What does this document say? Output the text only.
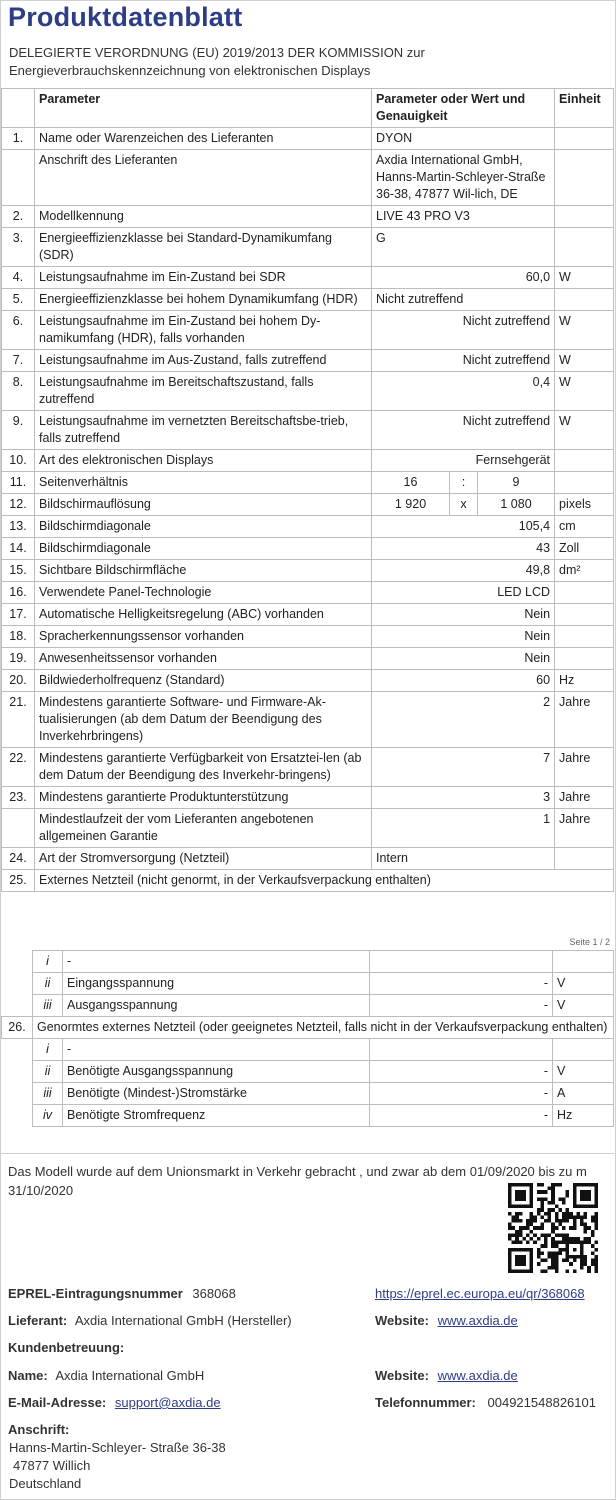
Produktdatenblatt
DELEGIERTE VERORDNUNG (EU) 2019/2013 DER KOMMISSION zur Energieverbrauchskennzeichnung von elektronischen Displays
	Parameter	Parameter oder Wert und Genauigkeit			Einheit
1.	Name oder Warenzeichen des Lieferanten	DYON			
	Anschrift des Lieferanten	Axdia International GmbH, Hanns-Martin-Schleyer-Straße 36-38, 47877 Wil-lich, DE			
2.	Modellkennung	LIVE 43 PRO V3			
3.	Energieeffizienzklasse bei Standard-Dynamikumfang (SDR)	G			
4.	Leistungsaufnahme im Ein-Zustand bei SDR	60,0			W
5.	Energieeffizienzklasse bei hohem Dynamikumfang (HDR)	Nicht zutreffend			
6.	Leistungsaufnahme im Ein-Zustand bei hohem Dy-namikumfang (HDR), falls vorhanden	Nicht zutreffend			W
7.	Leistungsaufnahme im Aus-Zustand, falls zutreffend	Nicht zutreffend			W
8.	Leistungsaufnahme im Bereitschaftszustand, falls zutreffend	0,4			W
9.	Leistungsaufnahme im vernetzten Bereitschaftsbe-trieb, falls zutreffend	Nicht zutreffend			W
10.	Art des elektronischen Displays	Fernsehgerät			
11.	Seitenverhältnis	16	:	9	
12.	Bildschirmauflösung	1 920	x	1 080	pixels
13.	Bildschirmdiagonale	105,4			cm
14.	Bildschirmdiagonale	43			Zoll
15.	Sichtbare Bildschirmfläche	49,8			dm²
16.	Verwendete Panel-Technologie	LED LCD			
17.	Automatische Helligkeitsregelung (ABC) vorhanden	Nein			
18.	Spracherkennungssensor vorhanden	Nein			
19.	Anwesenheitssensor vorhanden	Nein			
20.	Bildwiederholfrequenz (Standard)	60			Hz
21.	Mindestens garantierte Software- und Firmware-Ak-tualisierungen (ab dem Datum der Beendigung des Inverkehrbringens)	2			Jahre
22.	Mindestens garantierte Verfügbarkeit von Ersatztei-len (ab dem Datum der Beendigung des Inverkehr-bringens)	7			Jahre
23.	Mindestens garantierte Produktunterstützung	3			Jahre
	Mindestlaufzeit der vom Lieferanten angebotenen allgemeinen Garantie	1			Jahre
24.	Art der Stromversorgung (Netzteil)	Intern			
25.	Externes Netzteil (nicht genormt, in der Verkaufsverpackung enthalten)				
Seite 1 / 2
	i	-		
	ii	Eingangsspannung	-	V
	iii	Ausgangsspannung	-	V
26.	Genormtes externes Netzteil (oder geeignetes Netzteil, falls nicht in der Verkaufsverpackung enthalten)			
	i	-		
	ii	Benötigte Ausgangsspannung	-	V
	iii	Benötigte (Mindest-)Stromstärke	-	A
	iv	Benötigte Stromfrequenz	-	Hz
Das Modell wurde auf dem Unionsmarkt in Verkehr gebracht , und zwar ab dem 01/09/2020 bis zu m 31/10/2020
EPREL-Eintragungsnummer 368068	https://eprel.ec.europa.eu/qr/368068
Lieferant: Axdia International GmbH (Hersteller)	Website: www.axdia.de
Kundenbetreuung:
Name: Axdia International GmbH	Website: www.axdia.de
E-Mail-Adresse: support@axdia.de	Telefonnummer: 004921548826101
Anschrift:
Hanns-Martin-Schleyer- Straße 36-38
47877 Willich
Deutschland
